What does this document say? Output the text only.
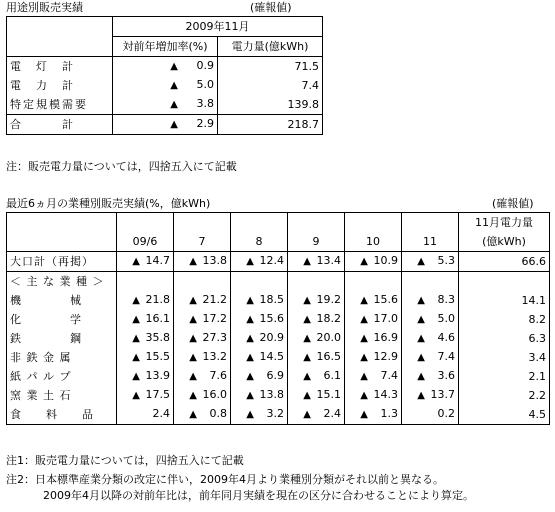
用途別販売実績	(確報値)
	2009年11月	
	対前年増加率(%)	電力量(億kWh)
電　灯　計	▲ 0.9	71.5
電　力　計	▲ 5.0	7.4
特定規模需要	▲ 3.8	139.8
合　　　計	▲ 2.9	218.7
注：販売電力量については，四捨五入にて記載
最近6ヵ月の業種別販売実績(%，億kWh)	(確報値)
							11月電力量
	09/6	7	8	9	10	11	(億kWh)
大口計（再掲）	▲ 14.7	▲ 13.8	▲ 12.4	▲ 13.4	▲ 10.9	▲ 5.3	66.6
＜ 主 な 業 種 ＞							
機　　　　械	▲ 21.8	▲ 21.2	▲ 18.5	▲ 19.2	▲ 15.6	▲ 8.3	14.1
化　　　　学	▲ 16.1	▲ 17.2	▲ 15.6	▲ 18.2	▲ 17.0	▲ 5.0	8.2
鉄　　　　鋼	▲ 35.8	▲ 27.3	▲ 20.9	▲ 20.0	▲ 16.9	▲ 4.6	6.3
非 鉄 金 属	▲ 15.5	▲ 13.2	▲ 14.5	▲ 16.5	▲ 12.9	▲ 7.4	3.4
紙 パ ル プ	▲ 13.9	▲ 7.6	▲ 6.9	▲ 6.1	▲ 7.4	▲ 3.6	2.1
窯 業 土 石	▲ 17.5	▲ 16.0	▲ 13.8	▲ 15.1	▲ 14.3	▲ 13.7	2.2
食　　料　　品	2.4	▲ 0.8	▲ 3.2	▲ 2.4	▲ 1.3	0.2	4.5
注1：販売電力量については，四捨五入にて記載
注2：日本標準産業分類の改定に伴い，2009年4月より業種別分類がそれ以前と異なる。
2009年4月以降の対前年比は，前年同月実績を現在の区分に合わせることにより算定。
